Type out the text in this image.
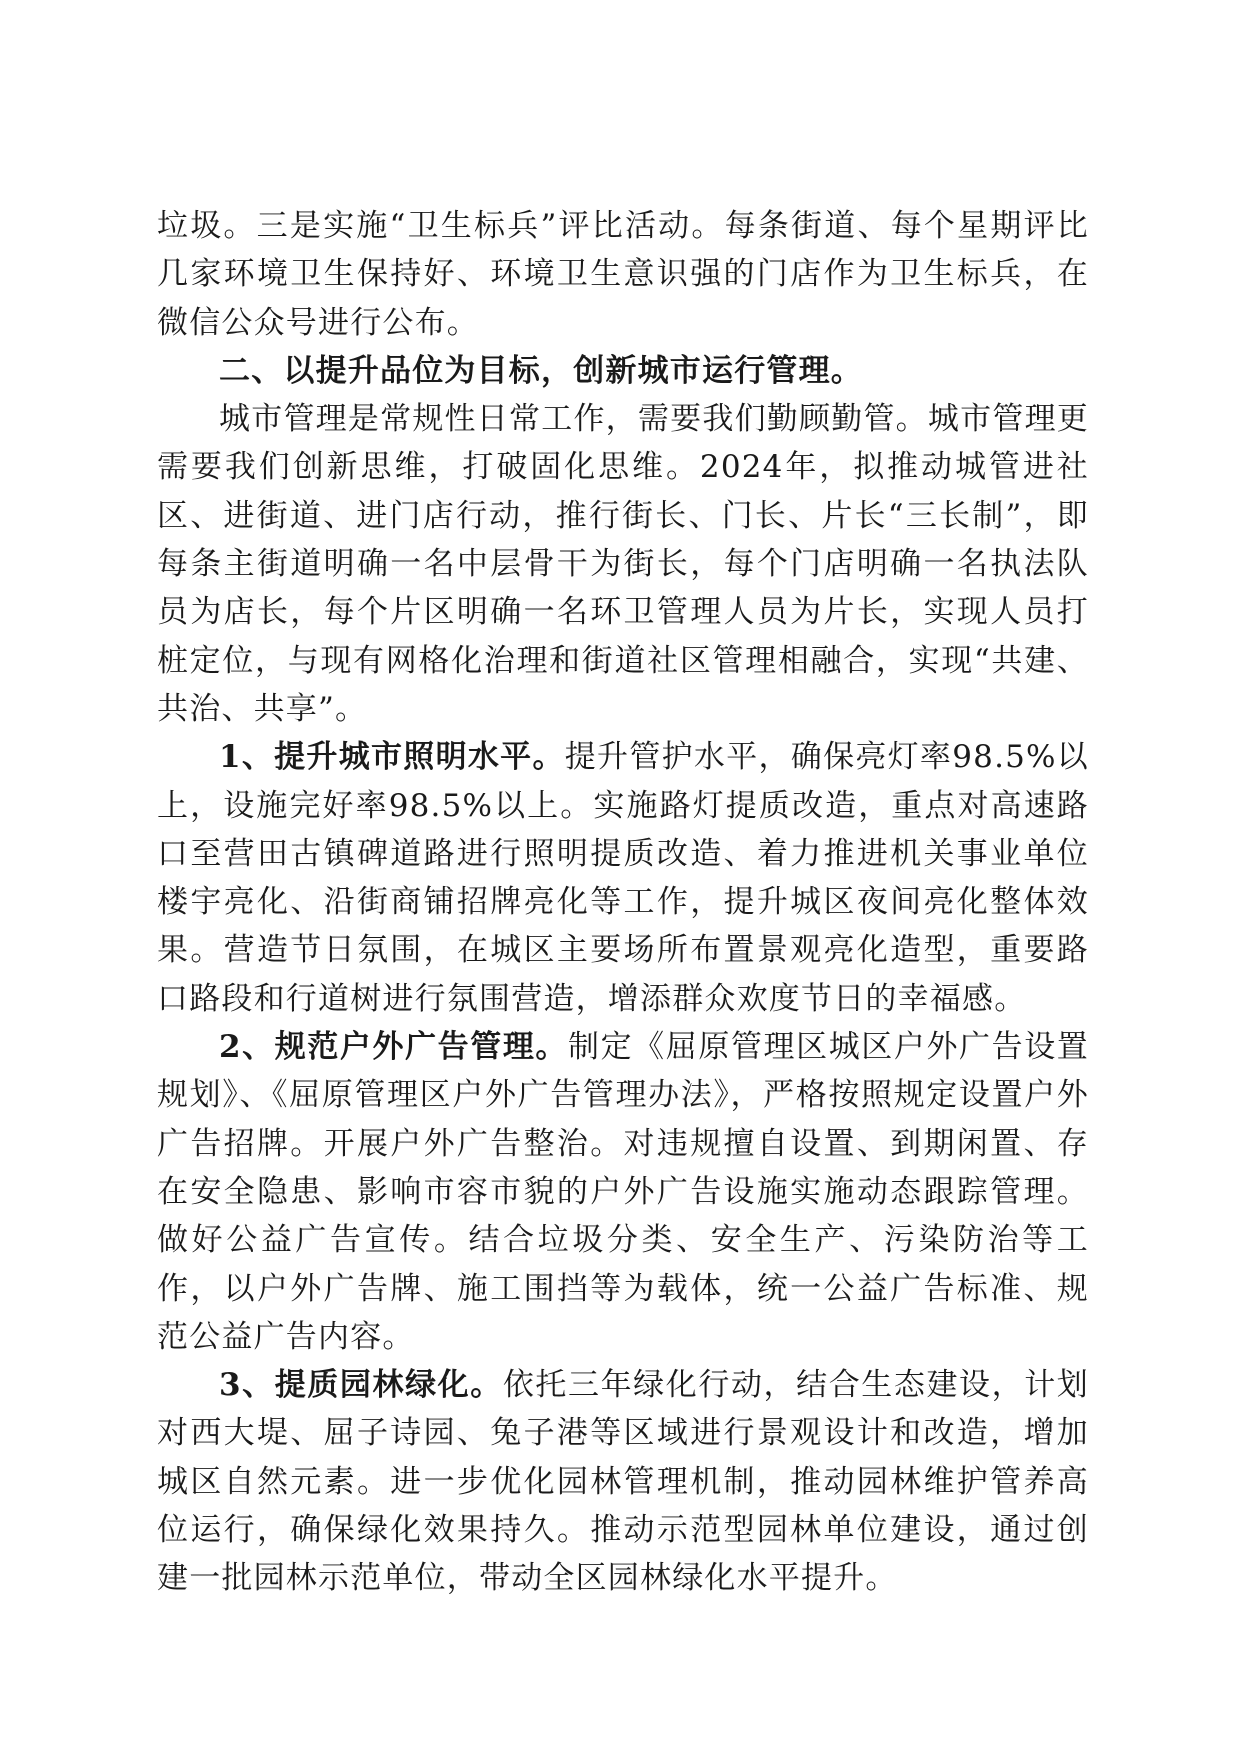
垃圾。三是实施“卫生标兵”评比活动。每条街道、每个星期评比几家环境卫生保持好、环境卫生意识强的门店作为卫生标兵，在微信公众号进行公布。

二、以提升品位为目标，创新城市运行管理。

城市管理是常规性日常工作，需要我们勤顾勤管。城市管理更需要我们创新思维，打破固化思维。2024年，拟推动城管进社区、进街道、进门店行动，推行街长、门长、片长“三长制”，即每条主街道明确一名中层骨干为街长，每个门店明确一名执法队员为店长，每个片区明确一名环卫管理人员为片长，实现人员打桩定位，与现有网格化治理和街道社区管理相融合，实现“共建、共治、共享”。

1、提升城市照明水平。提升管护水平，确保亮灯率98.5%以上，设施完好率98.5%以上。实施路灯提质改造，重点对高速路口至营田古镇碑道路进行照明提质改造、着力推进机关事业单位楼宇亮化、沿街商铺招牌亮化等工作，提升城区夜间亮化整体效果。营造节日氛围，在城区主要场所布置景观亮化造型，重要路口路段和行道树进行氛围营造，增添群众欢度节日的幸福感。

2、规范户外广告管理。制定《屈原管理区城区户外广告设置规划》、《屈原管理区户外广告管理办法》，严格按照规定设置户外广告招牌。开展户外广告整治。对违规擅自设置、到期闲置、存在安全隐患、影响市容市貌的户外广告设施实施动态跟踪管理。做好公益广告宣传。结合垃圾分类、安全生产、污染防治等工作，以户外广告牌、施工围挡等为载体，统一公益广告标准、规范公益广告内容。

3、提质园林绿化。依托三年绿化行动，结合生态建设，计划对西大堤、屈子诗园、兔子港等区域进行景观设计和改造，增加城区自然元素。进一步优化园林管理机制，推动园林维护管养高位运行，确保绿化效果持久。推动示范型园林单位建设，通过创建一批园林示范单位，带动全区园林绿化水平提升。
